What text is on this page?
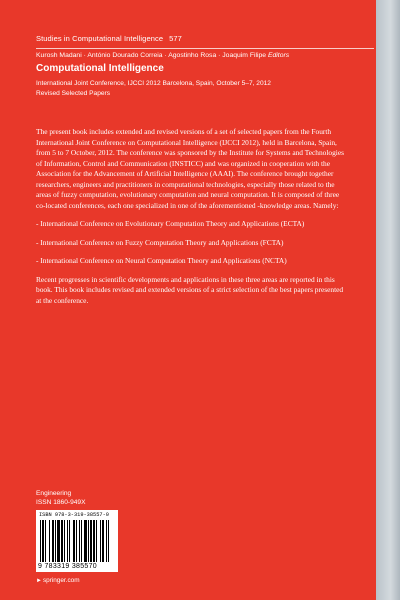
Studies in Computational Intelligence 577
Kurosh Madani · António Dourado Correia · Agostinho Rosa · Joaquim Filipe Editors
Computational Intelligence
International Joint Conference, IJCCI 2012 Barcelona, Spain, October 5–7, 2012
Revised Selected Papers

The present book includes extended and revised versions of a set of selected papers from the Fourth International Joint Conference on Computational Intelligence (IJCCI 2012), held in Barcelona, Spain, from 5 to 7 October, 2012. The conference was sponsored by the Institute for Systems and Technologies of Information, Control and Communication (INSTICC) and was organized in cooperation with the Association for the Advancement of Artificial Intelligence (AAAI). The conference brought together researchers, engineers and practitioners in computational technologies, especially those related to the areas of fuzzy computation, evolutionary computation and neural computation. It is composed of three co-located conferences, each one specialized in one of the aforementioned -knowledge areas. Namely:

- International Conference on Evolutionary Computation Theory and Applications (ECTA)
- International Conference on Fuzzy Computation Theory and Applications (FCTA)
- International Conference on Neural Computation Theory and Applications (NCTA)

Recent progresses in scientific developments and applications in these three areas are reported in this book. This book includes revised and extended versions of a strict selection of the best papers presented at the conference.

Engineering
ISSN 1860-949X
ISBN 978-3-319-38557-0
9 783319 385570
►springer.com
